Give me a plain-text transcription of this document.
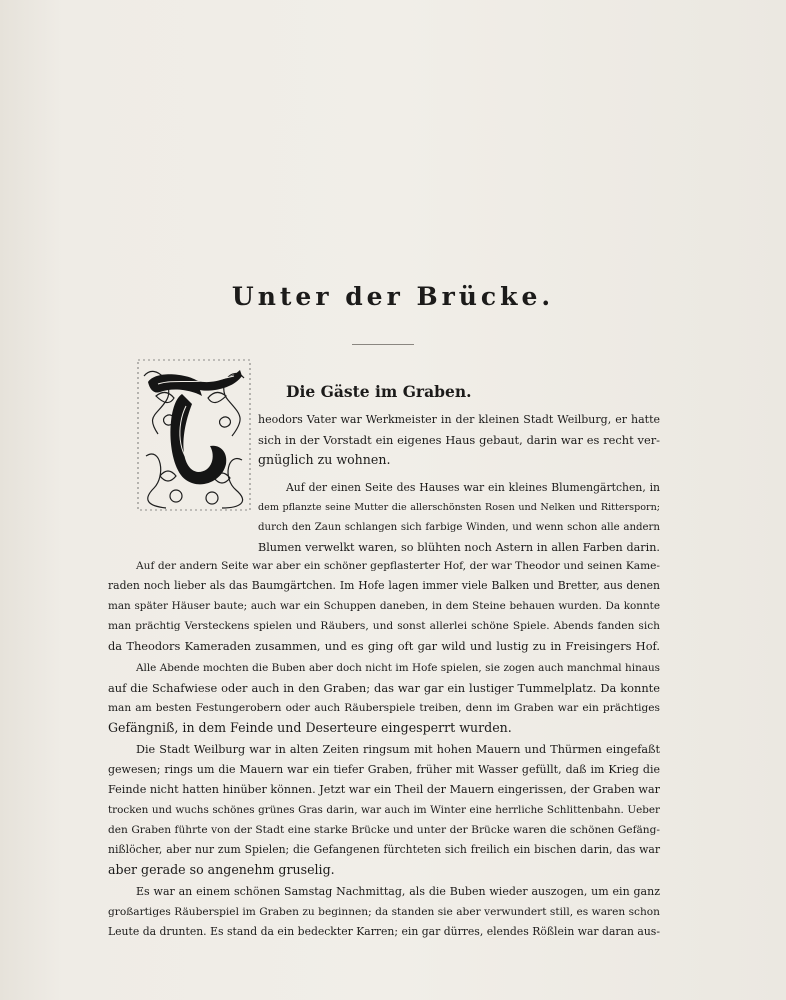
Unter der Brücke.
Die Gäste im Graben.
heodors Vater war Werkmeister in der kleinen Stadt Weilburg, er hatte
sich in der Vorstadt ein eigenes Haus gebaut, darin war es recht ver-
gnüglich zu wohnen.
Auf der einen Seite des Hauses war ein kleines Blumengärtchen, in
dem pflanzte seine Mutter die allerschönsten Rosen und Nelken und Rittersporn;
durch den Zaun schlangen sich farbige Winden, und wenn schon alle andern
Blumen verwelkt waren, so blühten noch Astern in allen Farben darin.
Auf der andern Seite war aber ein schöner gepflasterter Hof, der war Theodor und seinen Kame-
raden noch lieber als das Baumgärtchen. Im Hofe lagen immer viele Balken und Bretter, aus denen
man später Häuser baute; auch war ein Schuppen daneben, in dem Steine behauen wurden. Da konnte
man prächtig Versteckens spielen und Räubers, und sonst allerlei schöne Spiele. Abends fanden sich
da Theodors Kameraden zusammen, und es ging oft gar wild und lustig zu in Freisingers Hof.
Alle Abende mochten die Buben aber doch nicht im Hofe spielen, sie zogen auch manchmal hinaus
auf die Schafwiese oder auch in den Graben; das war gar ein lustiger Tummelplatz. Da konnte
man am besten Festungerobern oder auch Räuberspiele treiben, denn im Graben war ein prächtiges
Gefängniß, in dem Feinde und Deserteure eingesperrt wurden.
Die Stadt Weilburg war in alten Zeiten ringsum mit hohen Mauern und Thürmen eingefaßt
gewesen; rings um die Mauern war ein tiefer Graben, früher mit Wasser gefüllt, daß im Krieg die
Feinde nicht hatten hinüber können. Jetzt war ein Theil der Mauern eingerissen, der Graben war
trocken und wuchs schönes grünes Gras darin, war auch im Winter eine herrliche Schlittenbahn. Ueber
den Graben führte von der Stadt eine starke Brücke und unter der Brücke waren die schönen Gefäng-
nißlöcher, aber nur zum Spielen; die Gefangenen fürchteten sich freilich ein bischen darin, das war
aber gerade so angenehm gruselig.
Es war an einem schönen Samstag Nachmittag, als die Buben wieder auszogen, um ein ganz
großartiges Räuberspiel im Graben zu beginnen; da standen sie aber verwundert still, es waren schon
Leute da drunten. Es stand da ein bedeckter Karren; ein gar dürres, elendes Rößlein war daran aus-
